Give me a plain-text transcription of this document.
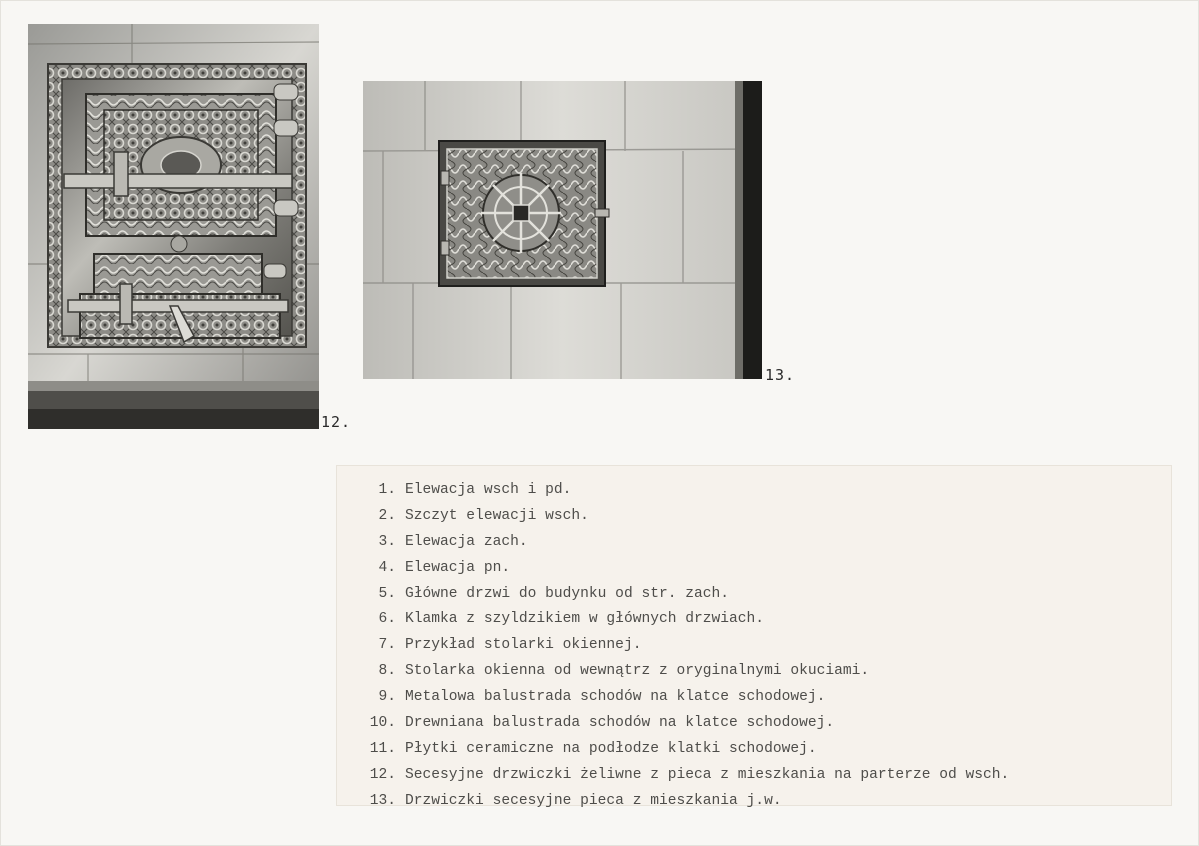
12.
13.
1. Elewacja wsch i pd.
2. Szczyt elewacji wsch.
3. Elewacja zach.
4. Elewacja pn.
5. Główne drzwi do budynku od str. zach.
6. Klamka z szyldzikiem w głównych drzwiach.
7. Przykład stolarki okiennej.
8. Stolarka okienna od wewnątrz z oryginalnymi okuciami.
9. Metalowa balustrada schodów na klatce schodowej.
10. Drewniana balustrada schodów na klatce schodowej.
11. Płytki ceramiczne na podłodze klatki schodowej.
12. Secesyjne drzwiczki żeliwne z pieca z mieszkania na parterze od wsch.
13. Drzwiczki secesyjne pieca z mieszkania j.w.
